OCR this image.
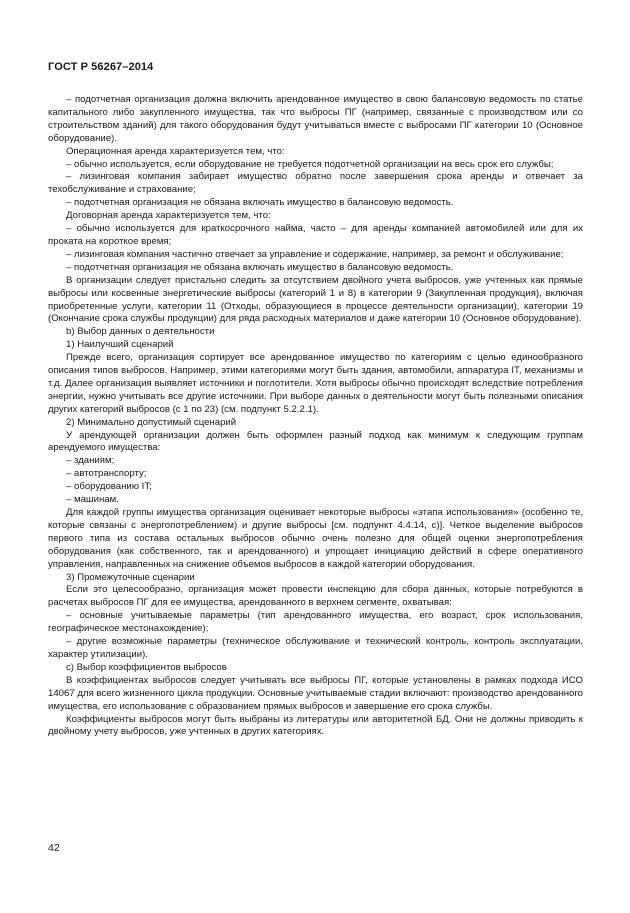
ГОСТ Р 56267–2014

– подотчетная организация должна включить арендованное имущество в свою балансовую ведомость по статье капитального либо закупленного имущества, так что выбросы ПГ (например, связанные с производством или со строительством зданий) для такого оборудования будут учитываться вместе с выбросами ПГ категории 10 (Основное оборудование).

Операционная аренда характеризуется тем, что:

– обычно используется, если оборудование не требуется подотчетной организации на весь срок его службы;

– лизинговая компания забирает имущество обратно после завершения срока аренды и отвечает за техобслуживание и страхование;

– подотчетная организация не обязана включать имущество в балансовую ведомость.

Договорная аренда характеризуется тем, что:

– обычно используется для краткосрочного найма, часто – для аренды компанией автомобилей или для их проката на короткое время;

– лизинговая компания частично отвечает за управление и содержание, например, за ремонт и обслуживание;

– подотчетная организация не обязана включать имущество в балансовую ведомость.

В организации следует пристально следить за отсутствием двойного учета выбросов, уже учтенных как прямые выбросы или косвенные энергетические выбросы (категорий 1 и 8) в категории 9 (Закупленная продукция), включая приобретенные услуги, категории 11 (Отходы, образующиеся в процессе деятельности организации), категории 19 (Окончание срока службы продукции) для ряда расходных материалов и даже категории 10 (Основное оборудование).

b) Выбор данных о деятельности

1) Наилучший сценарий

Прежде всего, организация сортирует все арендованное имущество по категориям с целью единообразного описания типов выбросов. Например, этими категориями могут быть здания, автомобили, аппаратура IT, механизмы и т.д. Далее организация выявляет источники и поглотители. Хотя выбросы обычно происходят вследствие потребления энергии, нужно учитывать все другие источники. При выборе данных о деятельности могут быть полезными описания других категорий выбросов (с 1 по 23) (см. подпункт 5.2.2.1).

2) Минимально допустимый сценарий

У арендующей организации должен быть оформлен разный подход как минимум к следующим группам арендуемого имущества:

– зданиям;

– автотранспорту;

– оборудованию IT;

– машинам.

Для каждой группы имущества организация оценивает некоторые выбросы «этапа использования» (особенно те, которые связаны с энергопотреблением) и другие выбросы [см. подпункт 4.4.14, c)]. Четкое выделение выбросов первого типа из состава остальных выбросов обычно очень полезно для общей оценки энергопотребления оборудования (как собственного, так и арендованного) и упрощает инициацию действий в сфере оперативного управления, направленных на снижение объемов выбросов в каждой категории оборудования.

3) Промежуточные сценарии

Если это целесообразно, организация может провести инспекцию для сбора данных, которые потребуются в расчетах выбросов ПГ для ее имущества, арендованного в верхнем сегменте, охватывая:

– основные учитываемые параметры (тип арендованного имущества, его возраст, срок использования, географическое местонахождение);

– другие возможные параметры (техническое обслуживание и технический контроль, контроль эксплуатации, характер утилизации).

c) Выбор коэффициентов выбросов

В коэффициентах выбросов следует учитывать все выбросы ПГ, которые установлены в рамках подхода ИСО 14067 для всего жизненного цикла продукции. Основные учитываемые стадии включают: производство арендованного имущества, его использование с образованием прямых выбросов и завершение его срока службы.

Коэффициенты выбросов могут быть выбраны из литературы или авторитетной БД. Они не должны приводить к двойному учету выбросов, уже учтенных в других категориях.

42
